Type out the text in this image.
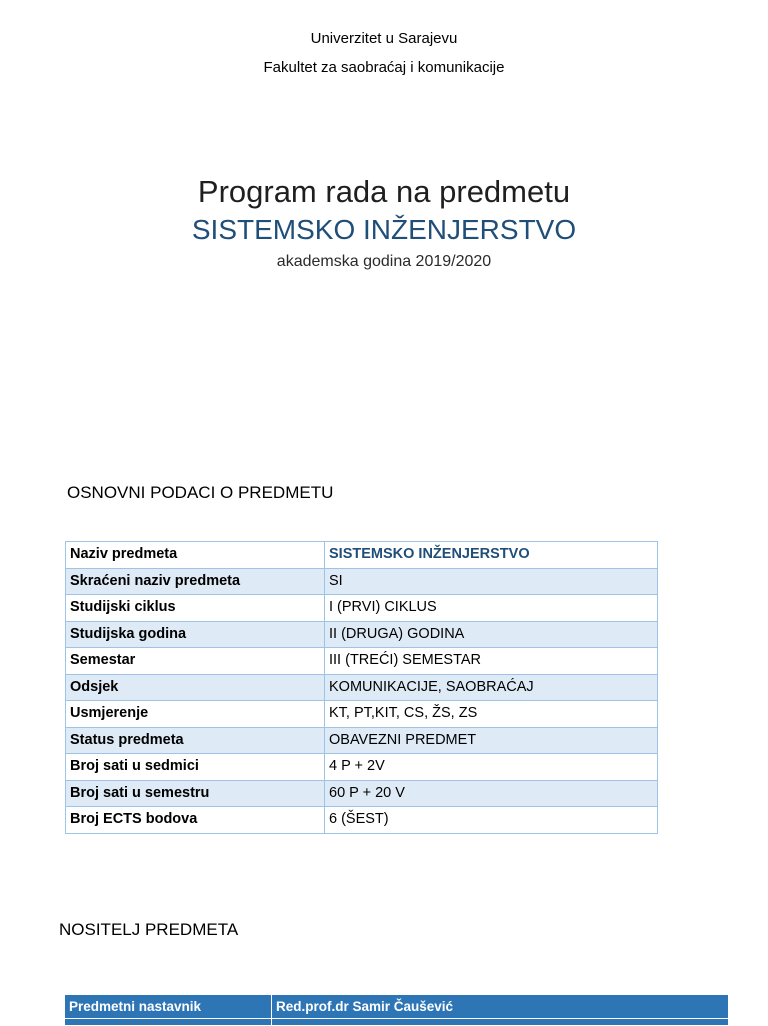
Univerzitet u Sarajevu
Fakultet za saobraćaj i komunikacije
Program rada na predmetu
SISTEMSKO INŽENJERSTVO
akademska godina 2019/2020
OSNOVNI PODACI O PREDMETU
Naziv predmeta	SISTEMSKO INŽENJERSTVO
Skraćeni naziv predmeta	SI
Studijski ciklus	I (PRVI) CIKLUS
Studijska godina	II (DRUGA) GODINA
Semestar	III (TREĆI) SEMESTAR
Odsjek	KOMUNIKACIJE, SAOBRAĆAJ
Usmjerenje	KT, PT,KIT, CS, ŽS, ZS
Status predmeta	OBAVEZNI PREDMET
Broj sati u sedmici	4 P + 2V
Broj sati u semestru	60 P + 20 V
Broj ECTS bodova	6 (ŠEST)
NOSITELJ PREDMETA
Predmetni nastavnik	Red.prof.dr Samir Čaušević
